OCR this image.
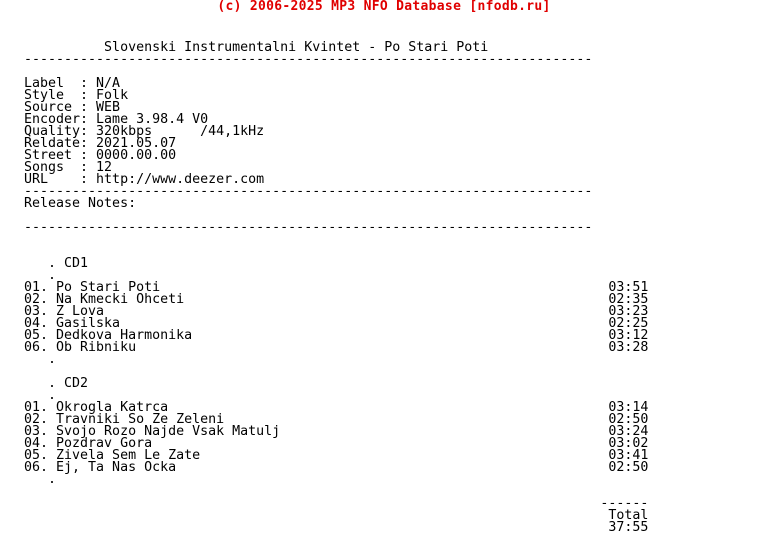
(c) 2006-2025 MP3 NFO Database [nfodb.ru]
Slovenski Instrumentalni Kvintet - Po Stari Poti
-----------------------------------------------------------------------
Label  : N/A
Style  : Folk
Source : WEB
Encoder: Lame 3.98.4 V0
Quality: 320kbps      /44,1kHz
Reldate: 2021.05.07
Street : 0000.00.00
Songs  : 12
URL    : http://www.deezer.com
-----------------------------------------------------------------------
Release Notes:
-----------------------------------------------------------------------
. CD1
.
01. Po Stari Poti                                                        03:51
02. Na Kmecki Ohceti                                                     02:35
03. Z Lova                                                               03:23
04. Gasilska                                                             02:25
05. Dedkova Harmonika                                                    03:12
06. Ob Ribniku                                                           03:28
.
. CD2
.
01. Okrogla Katrca                                                       03:14
02. Travniki So Ze Zeleni                                                02:50
03. Svojo Rozo Najde Vsak Matulj                                         03:24
04. Pozdrav Gora                                                         03:02
05. Zivela Sem Le Zate                                                   03:41
06. Ej, Ta Nas Ocka                                                      02:50
.
------
Total
37:55
